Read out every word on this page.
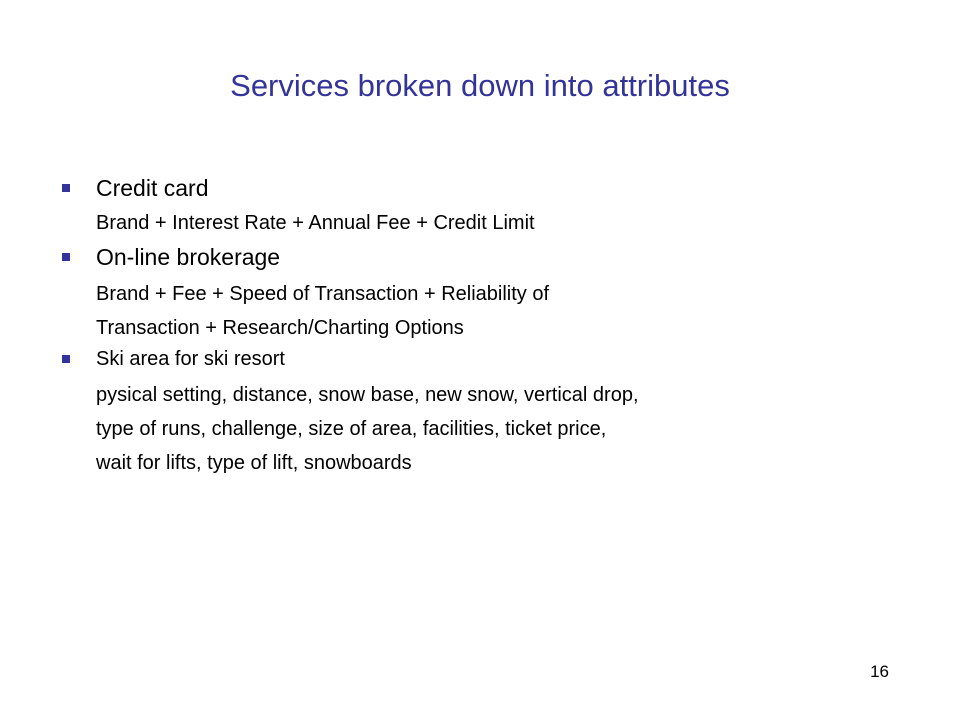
Services broken down into attributes
Credit card
Brand + Interest Rate + Annual Fee + Credit Limit
On-line brokerage
Brand + Fee + Speed of Transaction + Reliability of
Transaction + Research/Charting Options
Ski area for ski resort
pysical setting, distance, snow base, new snow, vertical drop,
type of runs, challenge, size of area, facilities, ticket price,
wait for lifts, type of lift, snowboards
16
